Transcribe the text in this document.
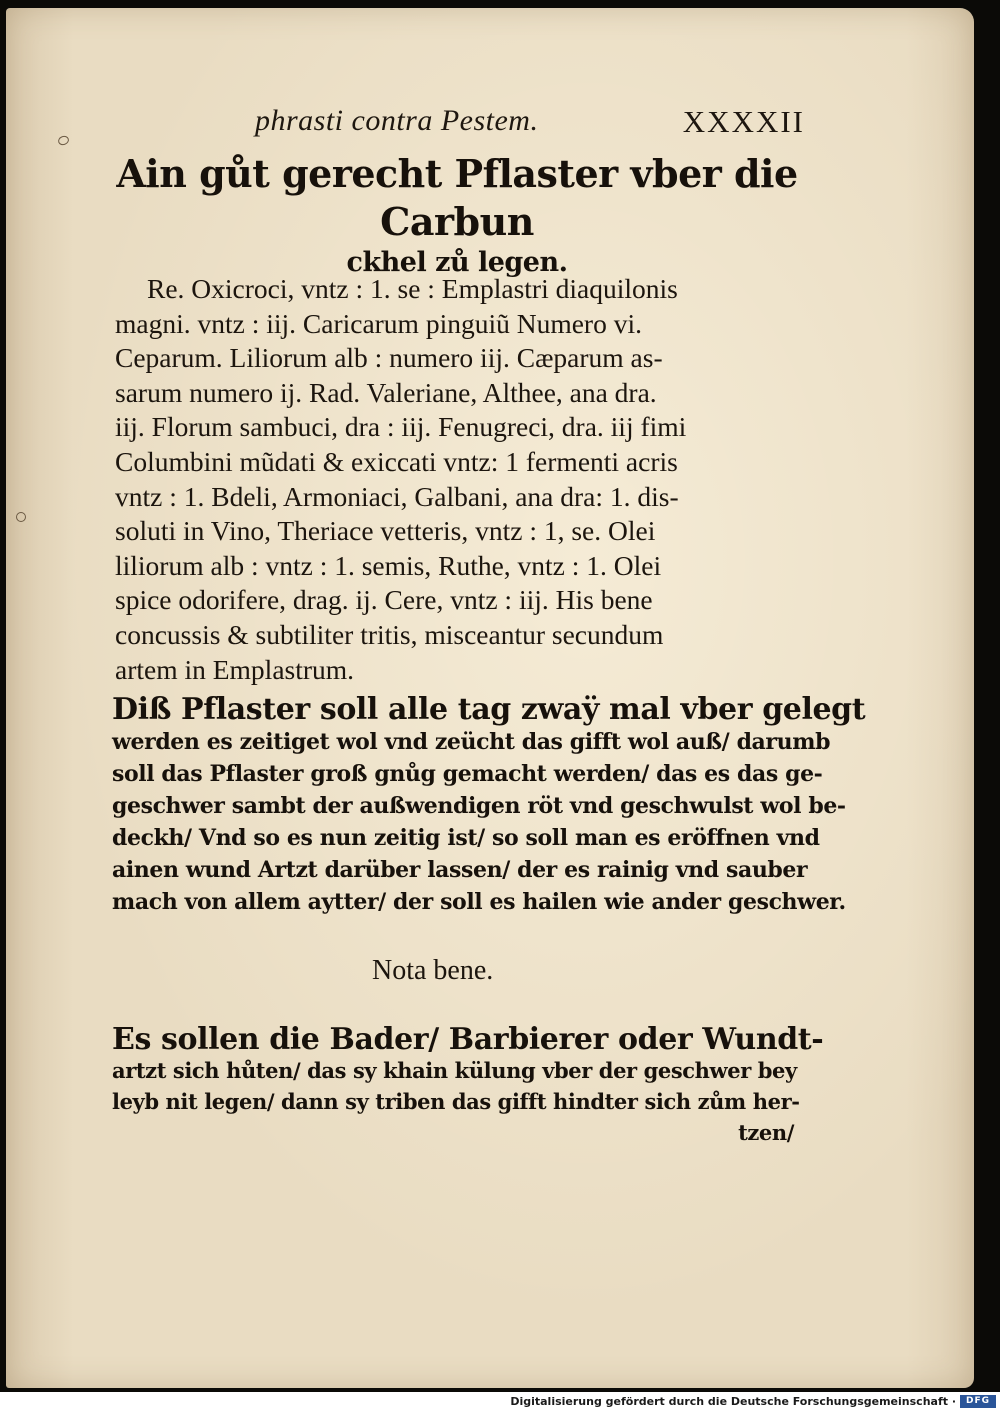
phrasti contra Pestem.	XXXXII
Ain gůt gerecht Pflaster vber die Carbun
ckhel zů legen.
Re. Oxicroci, vntz : 1. se : Emplastri diaquilonis
magni. vntz : iij. Caricarum pinguiũ Numero vi.
Ceparum. Liliorum alb : numero iij. Cæparum as-
sarum numero ij. Rad. Valeriane, Althee, ana dra.
iij. Florum sambuci, dra : iij. Fenugreci, dra. iij fimi
Columbini mũdati & exiccati vntz: 1 fermenti acris
vntz : 1. Bdeli, Armoniaci, Galbani, ana dra: 1. dis-
soluti in Vino, Theriace vetteris, vntz : 1, se. Olei
liliorum alb : vntz : 1. semis, Ruthe, vntz : 1. Olei
spice odorifere, drag. ij. Cere, vntz : iij. His bene
concussis & subtiliter tritis, misceantur secundum
artem in Emplastrum.
Diß Pflaster soll alle tag zwaÿ mal vber gelegt
werden es zeitiget wol vnd zeücht das gifft wol auß/ darumb
soll das Pflaster groß gnůg gemacht werden/ das es das ge-
geschwer sambt der außwendigen röt vnd geschwulst wol be-
deckh/ Vnd so es nun zeitig ist/ so soll man es eröffnen vnd
ainen wund Artzt darüber lassen/ der es rainig vnd sauber
mach von allem aytter/ der soll es hailen wie ander geschwer.
Nota bene.
Es sollen die Bader/ Barbierer oder Wundt-
artzt sich hůten/ das sy khain külung vber der geschwer bey
leyb nit legen/ dann sy triben das gifft hindter sich zům her-
tzen/
Digitalisierung gefördert durch die Deutsche Forschungsgemeinschaft ·	DFG
